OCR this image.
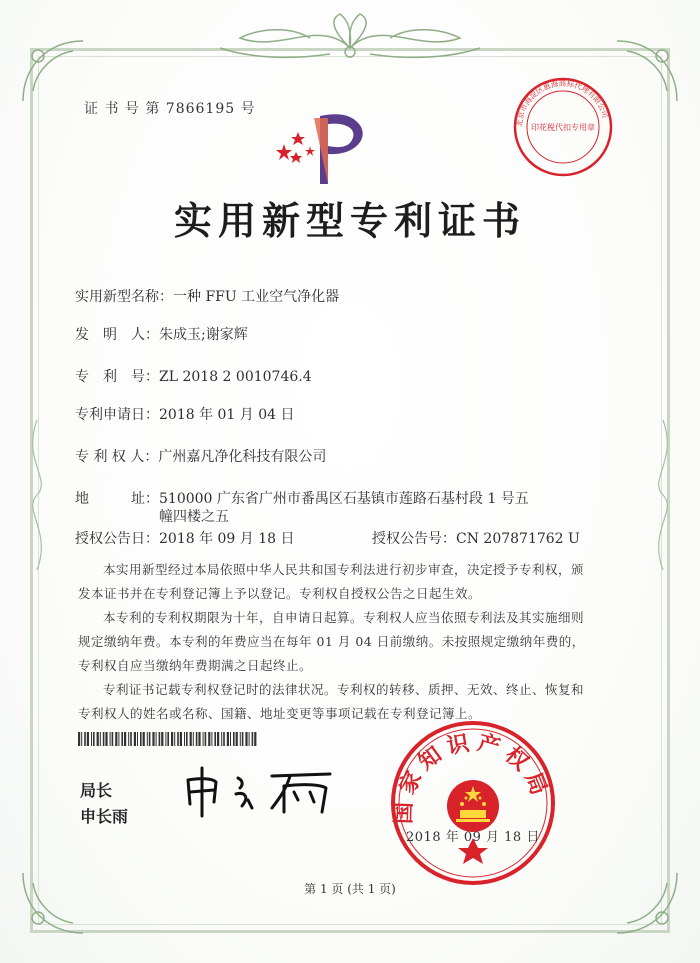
证 书 号 第 7866195 号
北京市海淀区惠海商标代理有限公司
印花税代扣专用章
实用新型专利证书
实用新型名称：一种 FFU 工业空气净化器
发　明　人：朱成玉;谢家辉
专　利　号：ZL 2018 2 0010746.4
专利申请日：2018 年 01 月 04 日
专 利 权 人：广州嘉凡净化科技有限公司
地　　　址：510000 广东省广州市番禺区石基镇市莲路石基村段 1 号五
幢四楼之五
授权公告日：2018 年 09 月 18 日	授权公告号：CN 207871762 U

本实用新型经过本局依照中华人民共和国专利法进行初步审查，决定授予专利权，颁发本证书并在专利登记簿上予以登记。专利权自授权公告之日起生效。

本专利的专利权期限为十年，自申请日起算。专利权人应当依照专利法及其实施细则规定缴纳年费。本专利的年费应当在每年 01 月 04 日前缴纳。未按照规定缴纳年费的，专利权自应当缴纳年费期满之日起终止。

专利证书记载专利权登记时的法律状况。专利权的转移、质押、无效、终止、恢复和专利权人的姓名或名称、国籍、地址变更等事项记载在专利登记簿上。

局长
申长雨	国家知识产权局
2018 年 09 月 18 日
第 1 页 (共 1 页)
